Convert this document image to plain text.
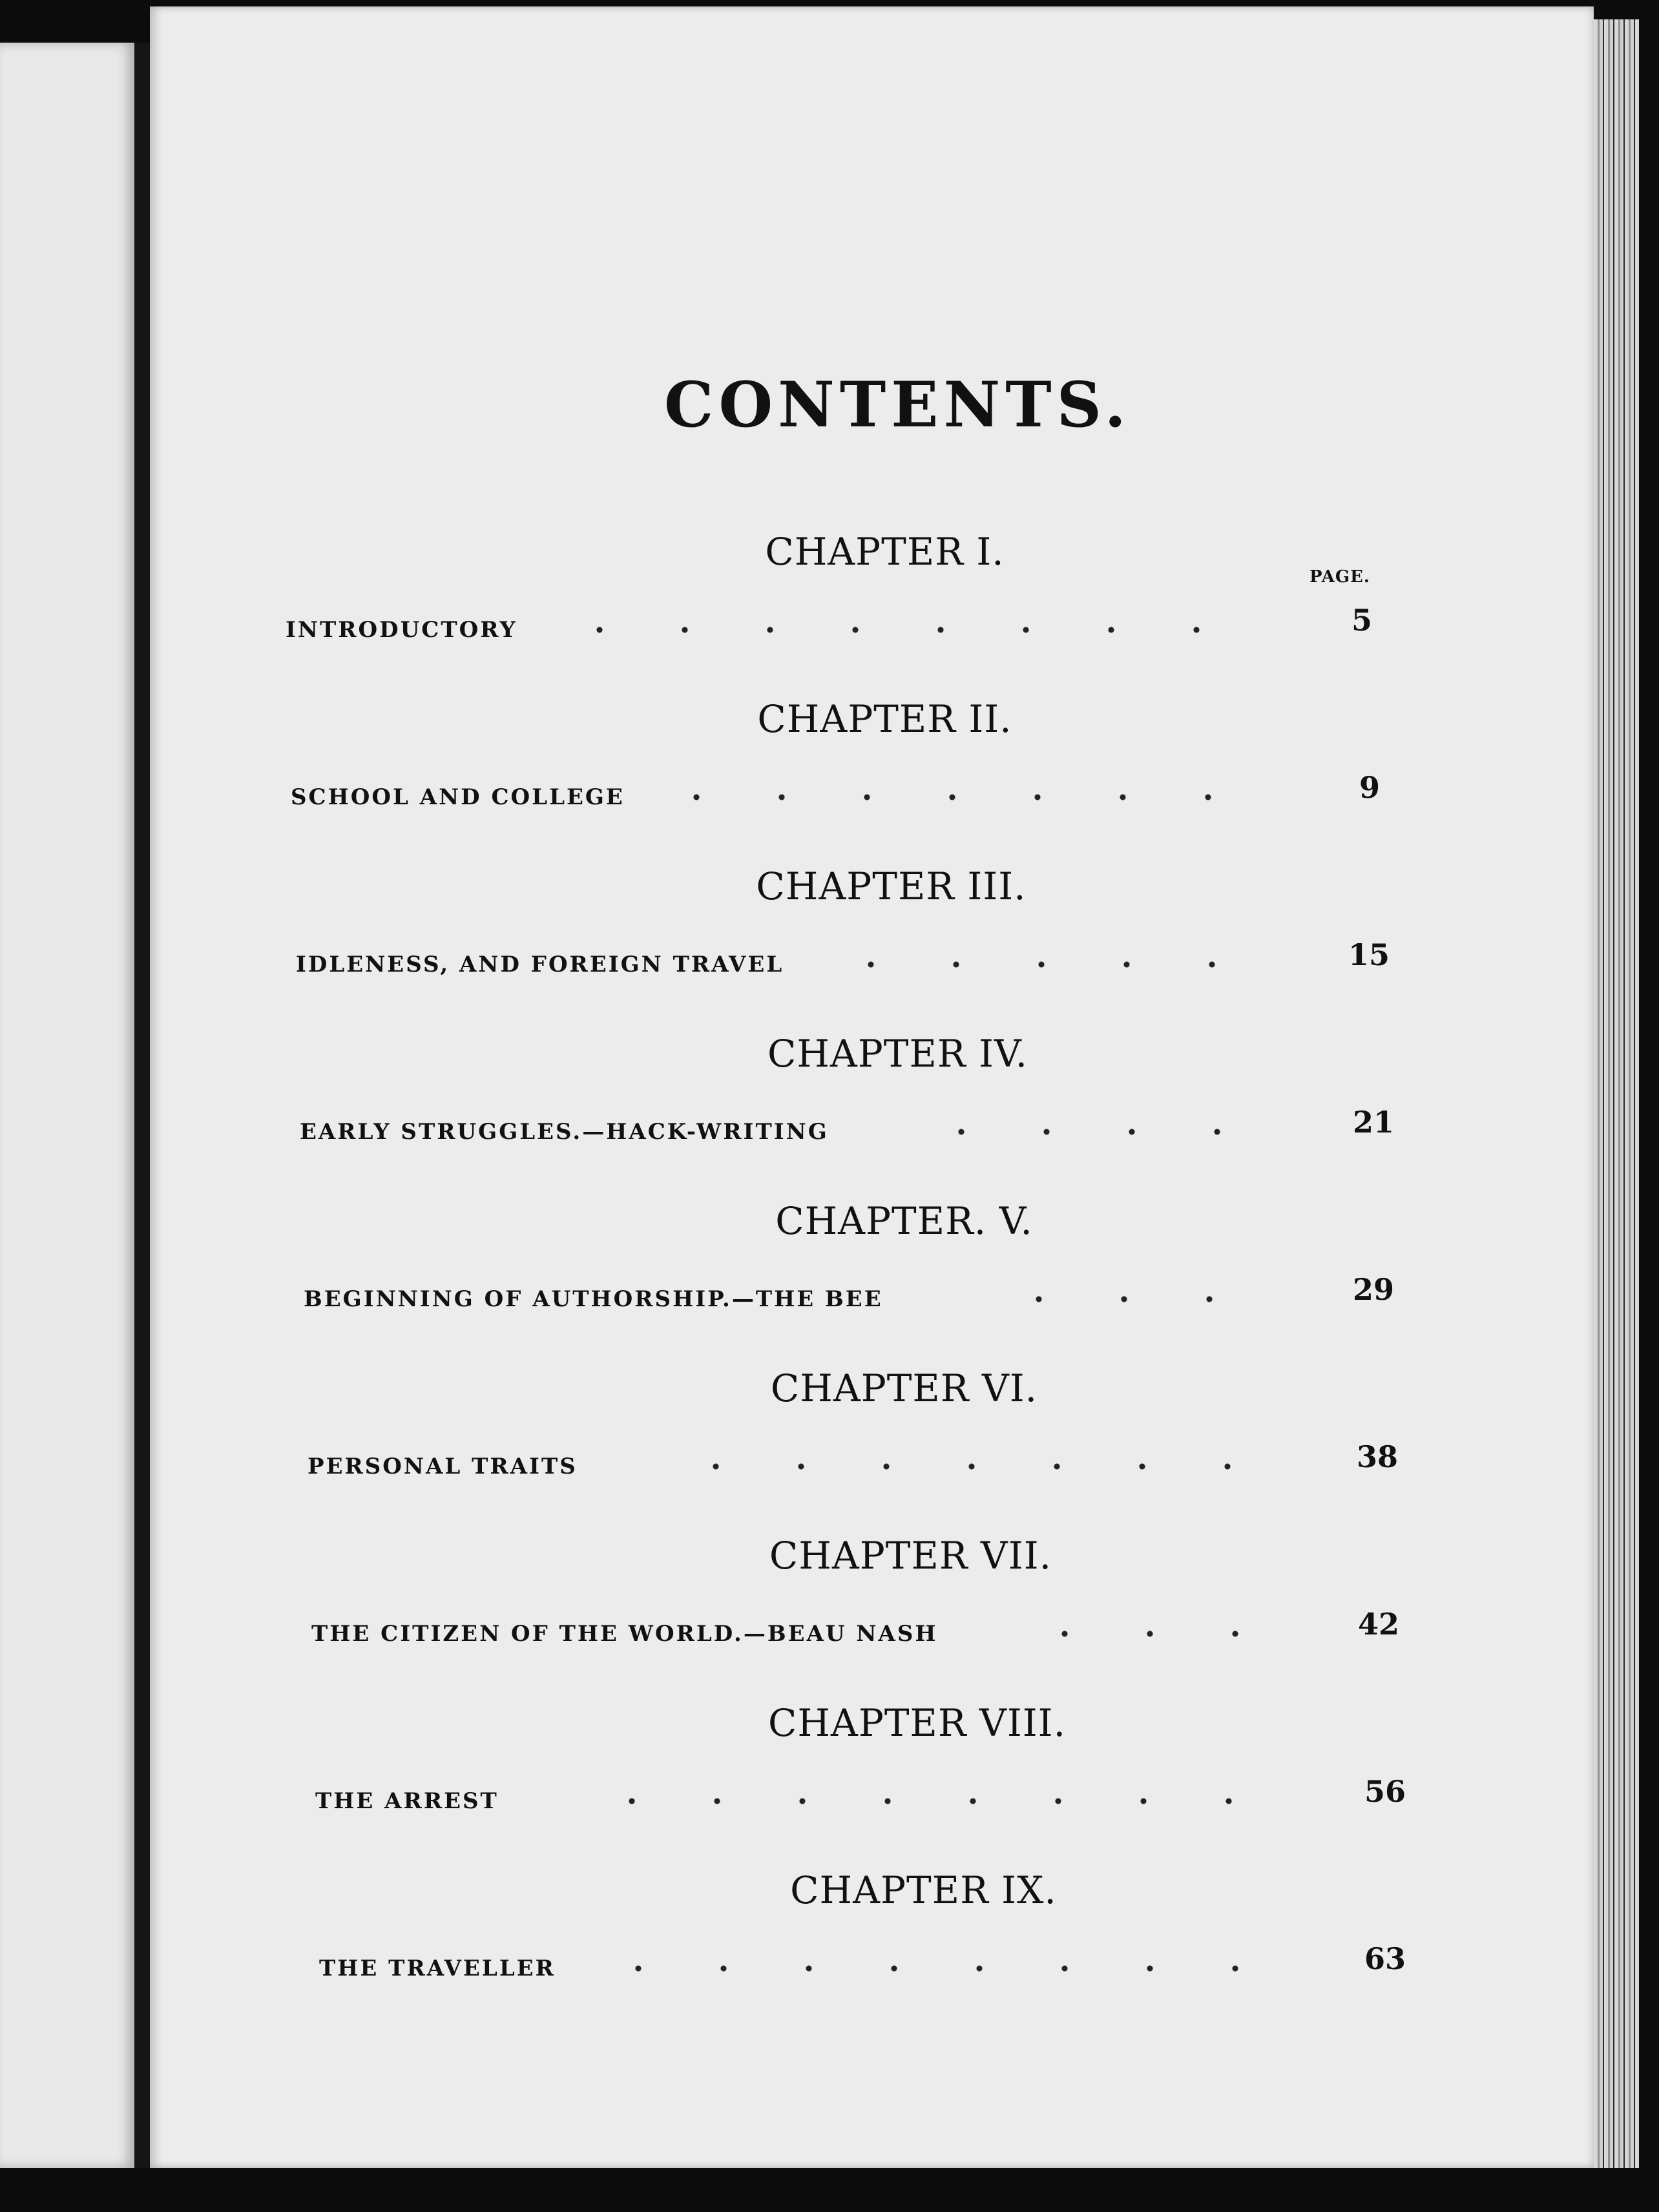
CONTENTS.
PAGE.
CHAPTER I.
INTRODUCTORY	5
CHAPTER II.
SCHOOL AND COLLEGE	9
CHAPTER III.
IDLENESS, AND FOREIGN TRAVEL	15
CHAPTER IV.
EARLY STRUGGLES.—HACK-WRITING	21
CHAPTER. V.
BEGINNING OF AUTHORSHIP.—THE BEE	29
CHAPTER VI.
PERSONAL TRAITS	38
CHAPTER VII.
THE CITIZEN OF THE WORLD.—BEAU NASH	42
CHAPTER VIII.
THE ARREST	56
CHAPTER IX.
THE TRAVELLER	63
